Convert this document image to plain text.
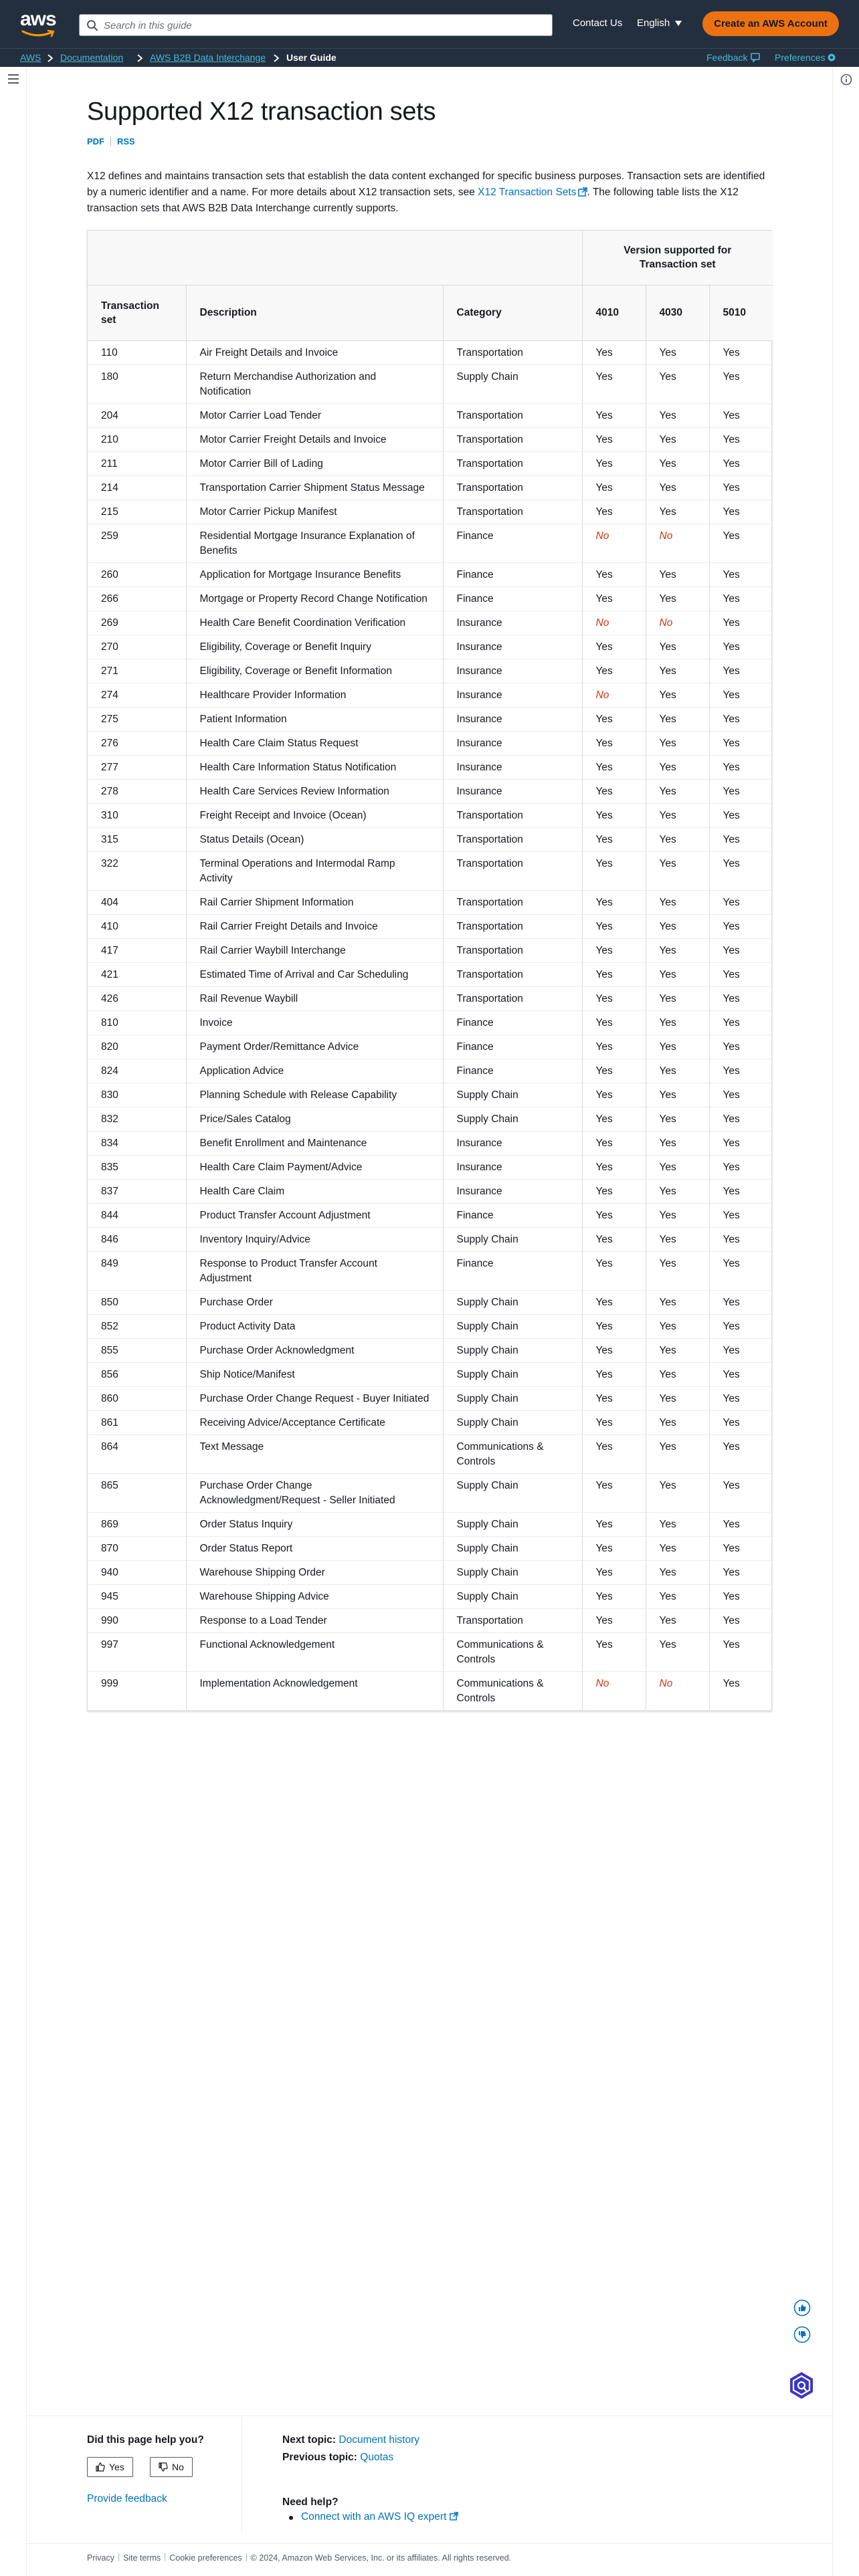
aws
Search in this guide	Contact Us English	Create an AWS Account
AWS Documentation	AWS B2B Data Interchange User Guide	Feedback	Preferences
Supported X12 transaction sets
PDF RSS

X12 defines and maintains transaction sets that establish the data content exchanged for specific business purposes. Transaction sets are identified by a numeric identifier and a name. For more details about X12 transaction sets, see X12 Transaction Sets . The following table lists the X12 transaction sets that AWS B2B Data Interchange currently supports.

			Version supported for Transaction set		
Transaction set	Description	Category	4010	4030	5010
110	Air Freight Details and Invoice	Transportation	Yes	Yes	Yes
180	Return Merchandise Authorization and Notification	Supply Chain	Yes	Yes	Yes
204	Motor Carrier Load Tender	Transportation	Yes	Yes	Yes
210	Motor Carrier Freight Details and Invoice	Transportation	Yes	Yes	Yes
211	Motor Carrier Bill of Lading	Transportation	Yes	Yes	Yes
214	Transportation Carrier Shipment Status Message	Transportation	Yes	Yes	Yes
215	Motor Carrier Pickup Manifest	Transportation	Yes	Yes	Yes
259	Residential Mortgage Insurance Explanation of Benefits	Finance	No	No	Yes
260	Application for Mortgage Insurance Benefits	Finance	Yes	Yes	Yes
266	Mortgage or Property Record Change Notification	Finance	Yes	Yes	Yes
269	Health Care Benefit Coordination Verification	Insurance	No	No	Yes
270	Eligibility, Coverage or Benefit Inquiry	Insurance	Yes	Yes	Yes
271	Eligibility, Coverage or Benefit Information	Insurance	Yes	Yes	Yes
274	Healthcare Provider Information	Insurance	No	Yes	Yes
275	Patient Information	Insurance	Yes	Yes	Yes
276	Health Care Claim Status Request	Insurance	Yes	Yes	Yes
277	Health Care Information Status Notification	Insurance	Yes	Yes	Yes
278	Health Care Services Review Information	Insurance	Yes	Yes	Yes
310	Freight Receipt and Invoice (Ocean)	Transportation	Yes	Yes	Yes
315	Status Details (Ocean)	Transportation	Yes	Yes	Yes
322	Terminal Operations and Intermodal Ramp Activity	Transportation	Yes	Yes	Yes
404	Rail Carrier Shipment Information	Transportation	Yes	Yes	Yes
410	Rail Carrier Freight Details and Invoice	Transportation	Yes	Yes	Yes
417	Rail Carrier Waybill Interchange	Transportation	Yes	Yes	Yes
421	Estimated Time of Arrival and Car Scheduling	Transportation	Yes	Yes	Yes
426	Rail Revenue Waybill	Transportation	Yes	Yes	Yes
810	Invoice	Finance	Yes	Yes	Yes
820	Payment Order/Remittance Advice	Finance	Yes	Yes	Yes
824	Application Advice	Finance	Yes	Yes	Yes
830	Planning Schedule with Release Capability	Supply Chain	Yes	Yes	Yes
832	Price/Sales Catalog	Supply Chain	Yes	Yes	Yes
834	Benefit Enrollment and Maintenance	Insurance	Yes	Yes	Yes
835	Health Care Claim Payment/Advice	Insurance	Yes	Yes	Yes
837	Health Care Claim	Insurance	Yes	Yes	Yes
844	Product Transfer Account Adjustment	Finance	Yes	Yes	Yes
846	Inventory Inquiry/Advice	Supply Chain	Yes	Yes	Yes
849	Response to Product Transfer Account Adjustment	Finance	Yes	Yes	Yes
850	Purchase Order	Supply Chain	Yes	Yes	Yes
852	Product Activity Data	Supply Chain	Yes	Yes	Yes
855	Purchase Order Acknowledgment	Supply Chain	Yes	Yes	Yes
856	Ship Notice/Manifest	Supply Chain	Yes	Yes	Yes
860	Purchase Order Change Request - Buyer Initiated	Supply Chain	Yes	Yes	Yes
861	Receiving Advice/Acceptance Certificate	Supply Chain	Yes	Yes	Yes
864	Text Message	Communications & Controls	Yes	Yes	Yes
865	Purchase Order Change Acknowledgment/Request - Seller Initiated	Supply Chain	Yes	Yes	Yes
869	Order Status Inquiry	Supply Chain	Yes	Yes	Yes
870	Order Status Report	Supply Chain	Yes	Yes	Yes
940	Warehouse Shipping Order	Supply Chain	Yes	Yes	Yes
945	Warehouse Shipping Advice	Supply Chain	Yes	Yes	Yes
990	Response to a Load Tender	Transportation	Yes	Yes	Yes
997	Functional Acknowledgement	Communications & Controls	Yes	Yes	Yes
999	Implementation Acknowledgement	Communications & Controls	No	No	Yes
Did this page help you?
Yes	No
Provide feedback
Next topic: Document history
Previous topic: Quotas
Need help?
Connect with an AWS IQ expert
Privacy Site terms Cookie preferences © 2024, Amazon Web Services, Inc. or its affiliates. All rights reserved.
